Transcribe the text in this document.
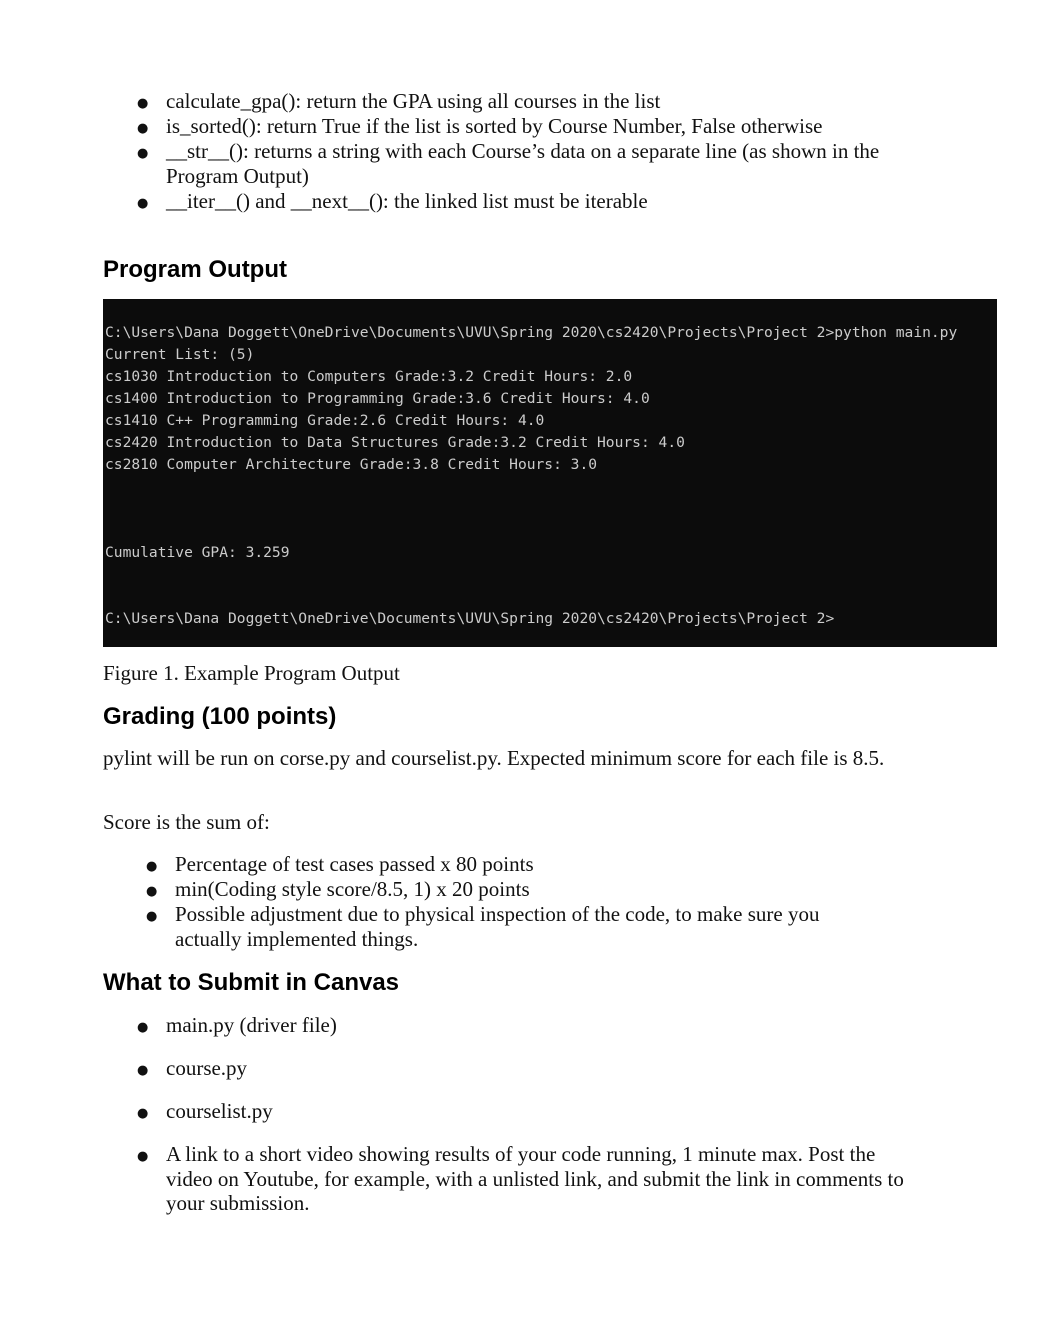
● calculate_gpa(): return the GPA using all courses in the list
● is_sorted(): return True if the list is sorted by Course Number, False otherwise
● __str__(): returns a string with each Course’s data on a separate line (as shown in the Program Output)
● __iter__() and __next__(): the linked list must be iterable
Program Output
C:\Users\Dana Doggett\OneDrive\Documents\UVU\Spring 2020\cs2420\Projects\Project 2>python main.py
Current List: (5)
cs1030 Introduction to Computers Grade:3.2 Credit Hours: 2.0
cs1400 Introduction to Programming Grade:3.6 Credit Hours: 4.0
cs1410 C++ Programming Grade:2.6 Credit Hours: 4.0
cs2420 Introduction to Data Structures Grade:3.2 Credit Hours: 4.0
cs2810 Computer Architecture Grade:3.8 Credit Hours: 3.0
Cumulative GPA: 3.259
C:\Users\Dana Doggett\OneDrive\Documents\UVU\Spring 2020\cs2420\Projects\Project 2>

Figure 1. Example Program Output

Grading (100 points)

pylint will be run on corse.py and courselist.py. Expected minimum score for each file is 8.5.

Score is the sum of:

● Percentage of test cases passed x 80 points
● min(Coding style score/8.5, 1) x 20 points
● Possible adjustment due to physical inspection of the code, to make sure you actually implemented things.
What to Submit in Canvas
● main.py (driver file)
● course.py
● courselist.py
● A link to a short video showing results of your code running, 1 minute max. Post the video on Youtube, for example, with a unlisted link, and submit the link in comments to your submission.
